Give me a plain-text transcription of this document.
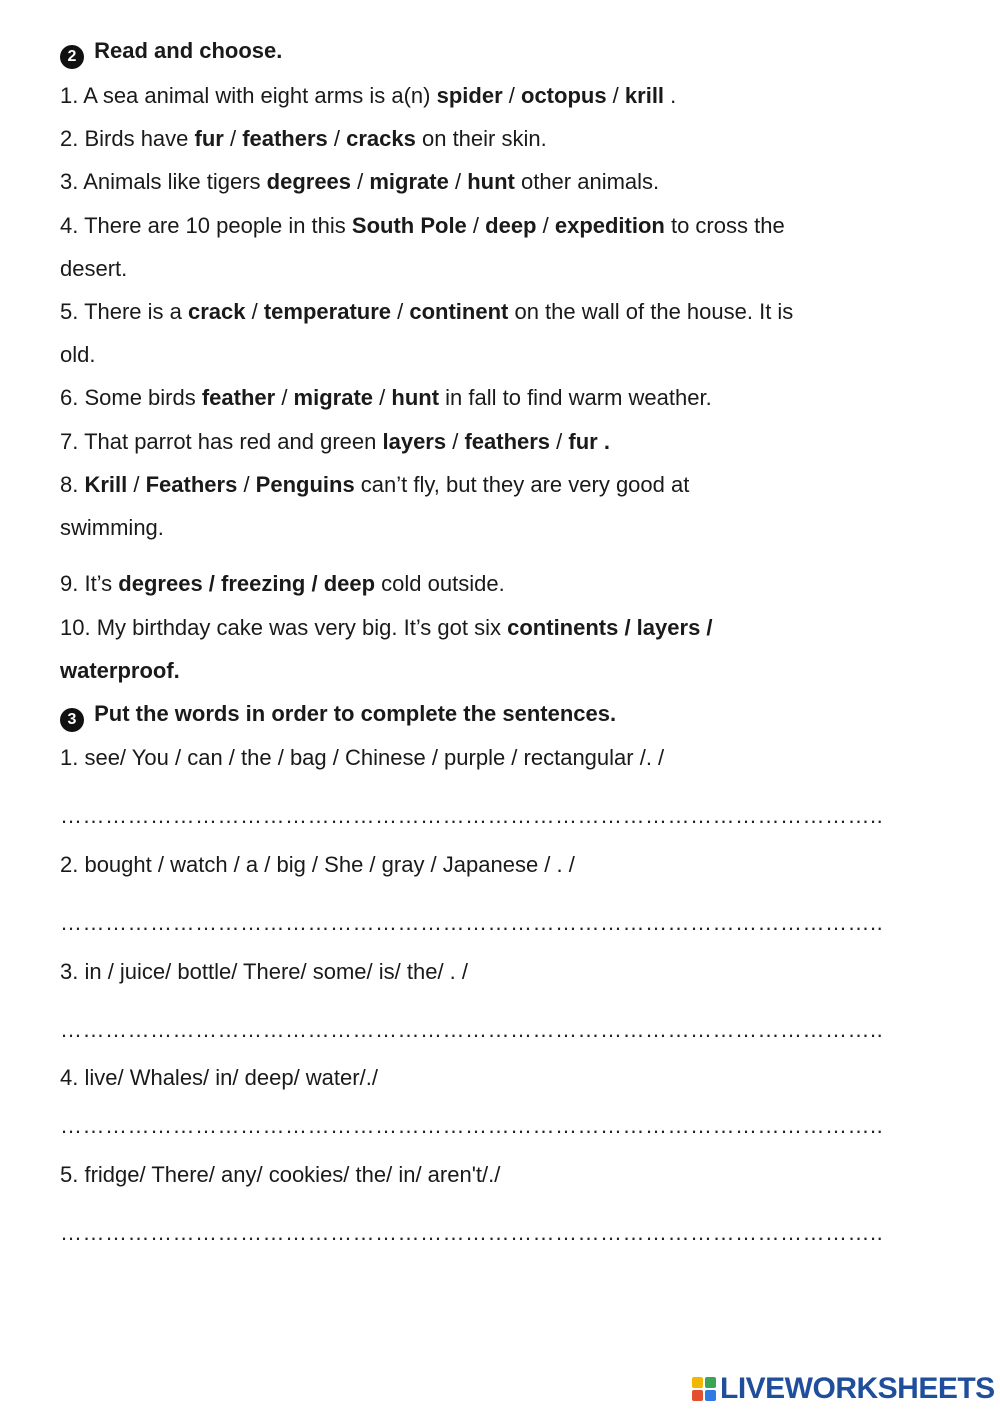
2 Read and choose.
1. A sea animal with eight arms is a(n) spider / octopus / krill .
2. Birds have fur / feathers / cracks on their skin.
3. Animals like tigers degrees / migrate / hunt other animals.
4. There are 10 people in this South Pole / deep / expedition to cross the
desert.
5. There is a crack / temperature / continent on the wall of the house. It is
old.
6. Some birds feather / migrate / hunt in fall to find warm weather.
7. That parrot has red and green layers / feathers / fur .
8. Krill / Feathers / Penguins can’t fly, but they are very good at
swimming.
9. It’s degrees / freezing / deep cold outside.
10. My birthday cake was very big. It’s got six continents / layers /
waterproof.
3 Put the words in order to complete the sentences.
1. see/ You / can / the / bag / Chinese / purple / rectangular /. /
………………………………………………………………………………………………..
2. bought / watch / a / big / She / gray / Japanese / . /
………………………………………………………………………………………………..
3. in / juice/ bottle/ There/ some/ is/ the/ . /
………………………………………………………………………………………………..
4. live/ Whales/ in/ deep/ water/./
………………………………………………………………………………………………..
5. fridge/ There/ any/ cookies/ the/ in/ aren't/./
………………………………………………………………………………………………..
LIVEWORKSHEETS
